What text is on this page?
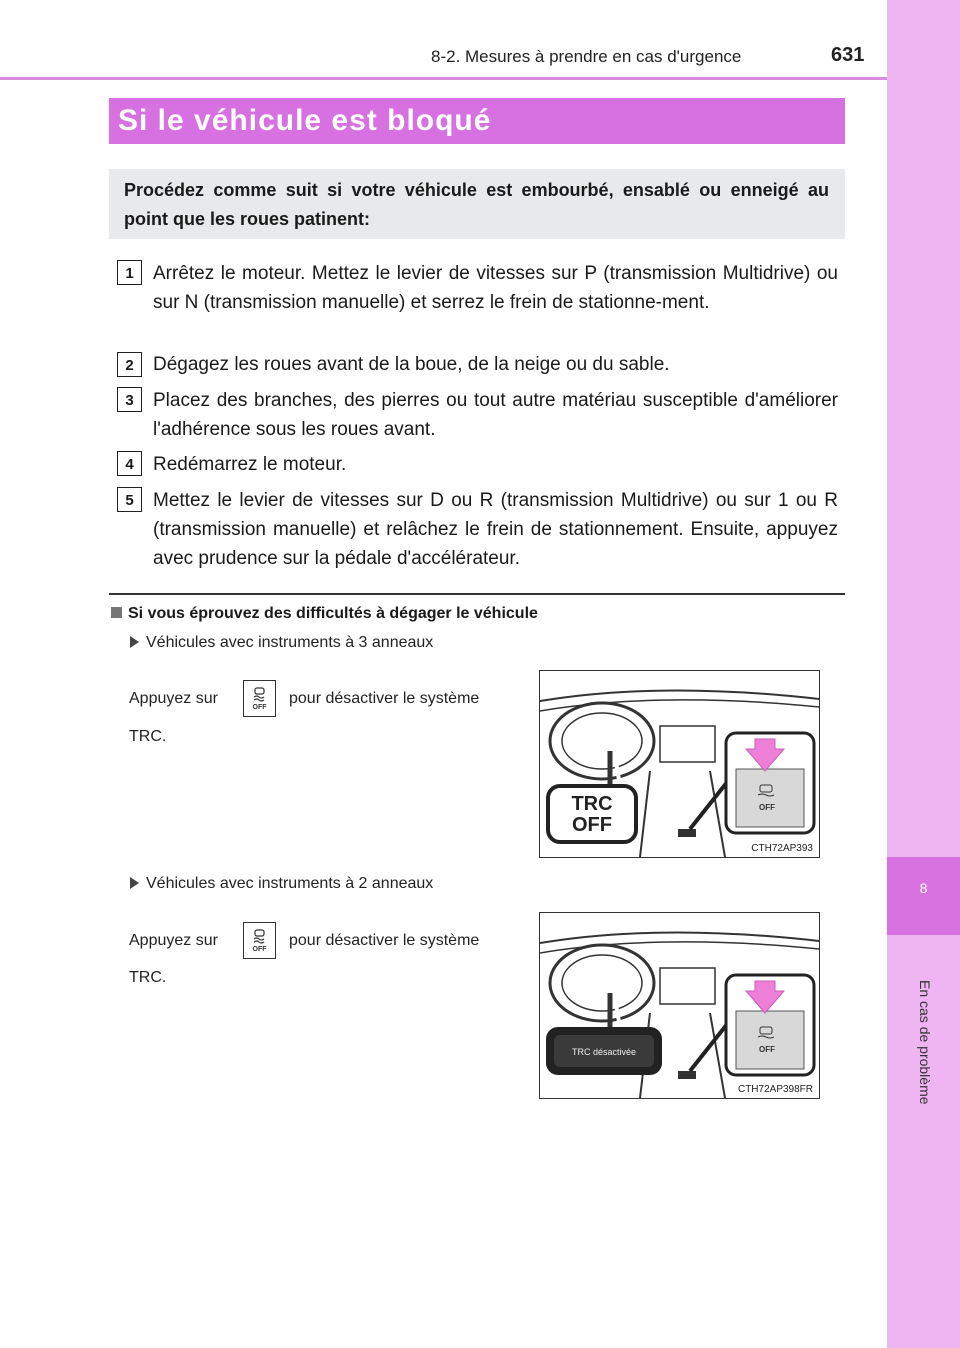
8
En cas de problème
8-2. Mesures à prendre en cas d'urgence	631
Si le véhicule est bloqué
Procédez comme suit si votre véhicule est embourbé, ensablé ou enneigé au point que les roues patinent:
1	Arrêtez le moteur. Mettez le levier de vitesses sur P (transmission Multidrive) ou sur N (transmission manuelle) et serrez le frein de stationne-ment.
2	Dégagez les roues avant de la boue, de la neige ou du sable.
3	Placez des branches, des pierres ou tout autre matériau susceptible d'améliorer l'adhérence sous les roues avant.
4	Redémarrez le moteur.
5	Mettez le levier de vitesses sur D ou R (transmission Multidrive) ou sur 1 ou R (transmission manuelle) et relâchez le frein de stationnement. Ensuite, appuyez avec prudence sur la pédale d'accélérateur.
Si vous éprouvez des difficultés à dégager le véhicule
Véhicules avec instruments à 3 anneaux
Appuyez sur
OFF
pour désactiver le système
TRC.
TRC
OFF
OFF
CTH72AP393
Véhicules avec instruments à 2 anneaux
Appuyez sur
OFF
pour désactiver le système
TRC.
TRC désactivée	OFF
CTH72AP398FR
